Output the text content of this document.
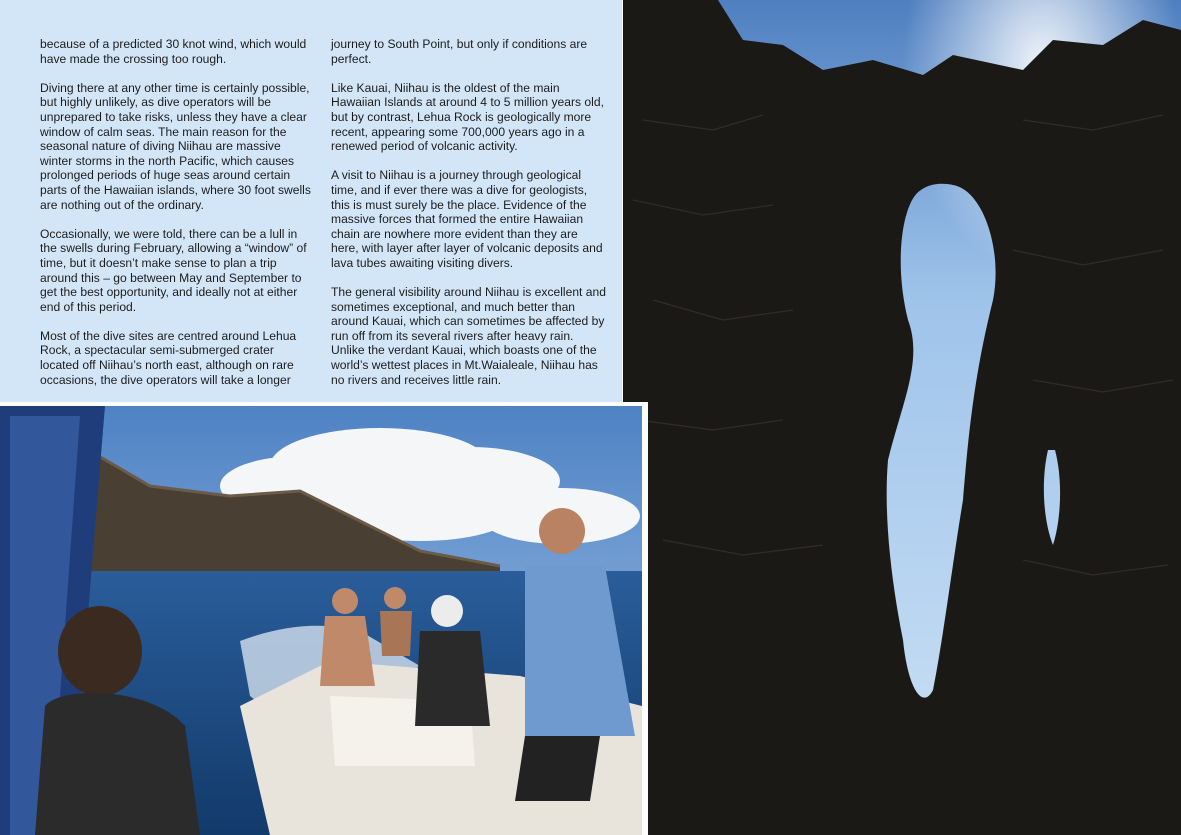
because of a predicted 30 knot wind, which would have made the crossing too rough.

Diving there at any other time is certainly possible, but highly unlikely, as dive operators will be unprepared to take risks, unless they have a clear window of calm seas. The main reason for the seasonal nature of diving Niihau are massive winter storms in the north Pacific, which causes prolonged periods of huge seas around certain parts of the Hawaiian islands, where 30 foot swells are nothing out of the ordinary.

Occasionally, we were told, there can be a lull in the swells during February, allowing a “window” of time, but it doesn’t make sense to plan a trip around this – go between May and September to get the best opportunity, and ideally not at either end of this period.

Most of the dive sites are centred around Lehua Rock, a spectacular semi-submerged crater located off Niihau’s north east, although on rare occasions, the dive operators will take a longer

journey to South Point, but only if conditions are perfect.

Like Kauai, Niihau is the oldest of the main Hawaiian Islands at around 4 to 5 million years old, but by contrast, Lehua Rock is geologically more recent, appearing some 700,000 years ago in a renewed period of volcanic activity.

A visit to Niihau is a journey through geological time, and if ever there was a dive for geologists, this is must surely be the place. Evidence of the massive forces that formed the entire Hawaiian chain are nowhere more evident than they are here, with layer after layer of volcanic deposits and lava tubes awaiting visiting divers.

The general visibility around Niihau is excellent and sometimes exceptional, and much better than around Kauai, which can sometimes be affected by run off from its several rivers after heavy rain. Unlike the verdant Kauai, which boasts one of the world’s wettest places in Mt.Waialeale, Niihau has no rivers and receives little rain.
